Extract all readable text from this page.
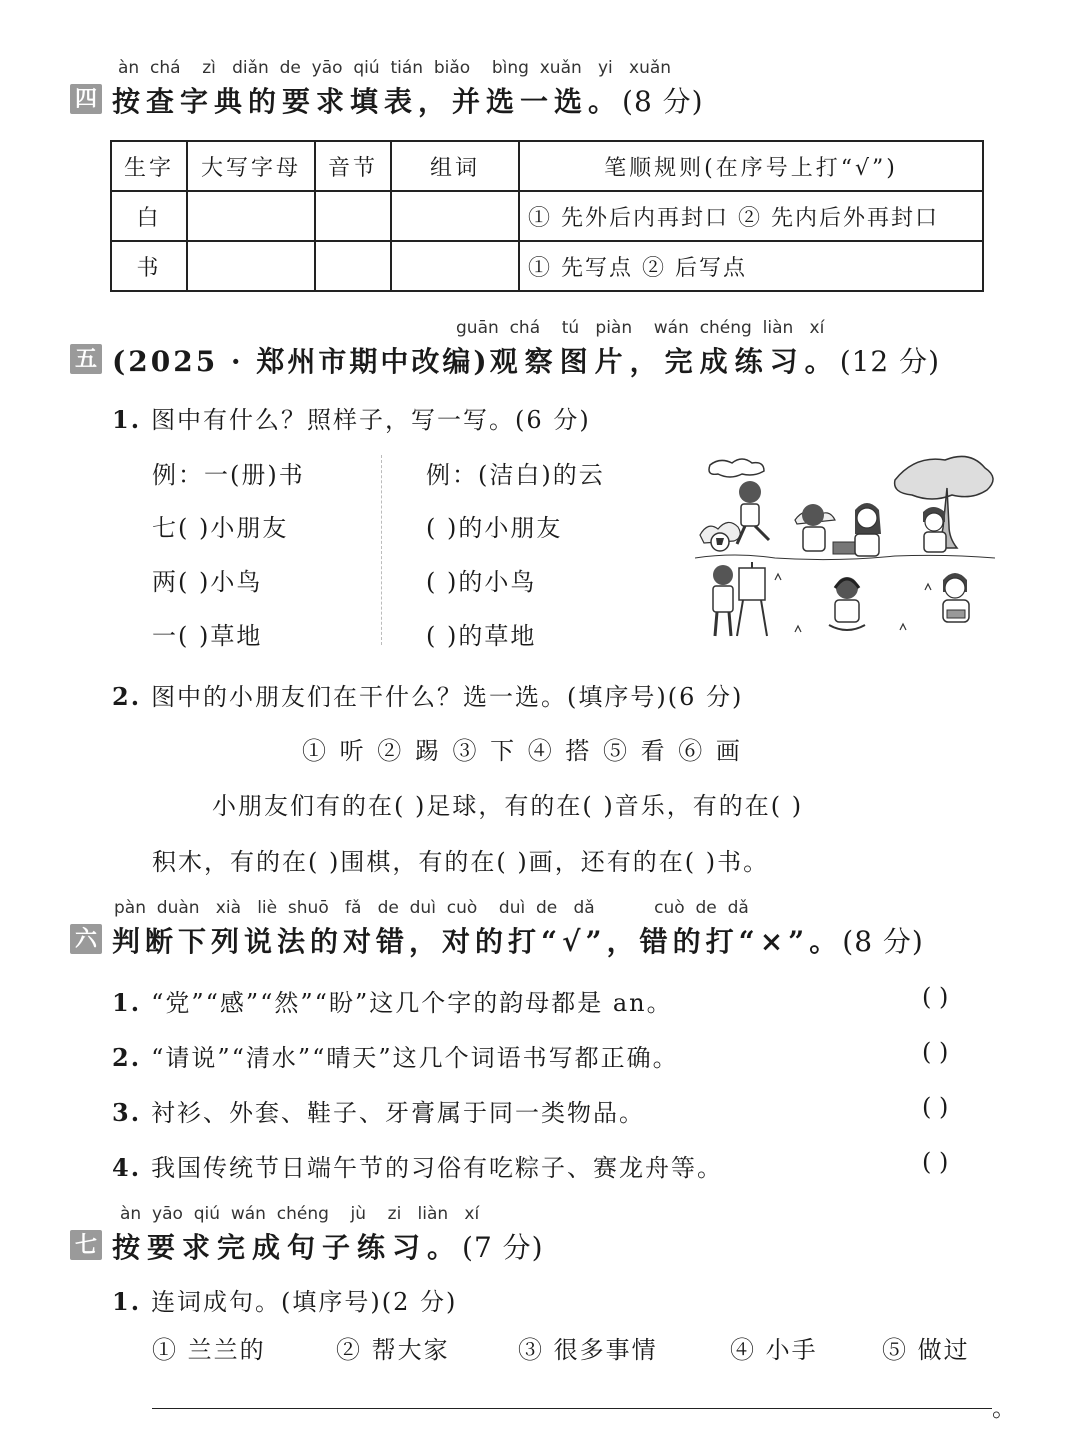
àn chá zì diǎn de yāo qiú tián biǎo bìng xuǎn yi xuǎn
四 按查字典的要求填表，并选一选。(8 分)
生字	大写字母	音节	组词	笔顺规则(在序号上打“√”)
白				① 先外后内再封口 ② 先内后外再封口
书				① 先写点 ② 后写点
guān chá tú piàn wán chéng liàn xí
五 (2025 · 郑州市期中改编)观察图片，完成练习。(12 分)
1. 图中有什么？照样子，写一写。(6 分)
例：一(册)书
七( )小朋友
两( )小鸟
一( )草地
例：(洁白)的云
( )的小朋友
( )的小鸟
( )的草地
2. 图中的小朋友们在干什么？选一选。(填序号)(6 分)
① 听 ② 踢 ③ 下 ④ 搭 ⑤ 看 ⑥ 画
小朋友们有的在( )足球，有的在( )音乐，有的在( )
积木，有的在( )围棋，有的在( )画，还有的在( )书。
pàn duàn xià liè shuō fǎ de duì cuò duì de dǎ	cuò de dǎ
六 判断下列说法的对错，对的打“√”，错的打“×”。(8 分)
1. “党”“感”“然”“盼”这几个字的韵母都是 an。	( )
2. “请说”“清水”“晴天”这几个词语书写都正确。	( )
3. 衬衫、外套、鞋子、牙膏属于同一类物品。	( )
4. 我国传统节日端午节的习俗有吃粽子、赛龙舟等。	( )
àn yāo qiú wán chéng jù zi liàn xí
七 按要求完成句子练习。(7 分)
1. 连词成句。(填序号)(2 分)
① 兰兰的	② 帮大家	③ 很多事情	④ 小手	⑤ 做过
。
